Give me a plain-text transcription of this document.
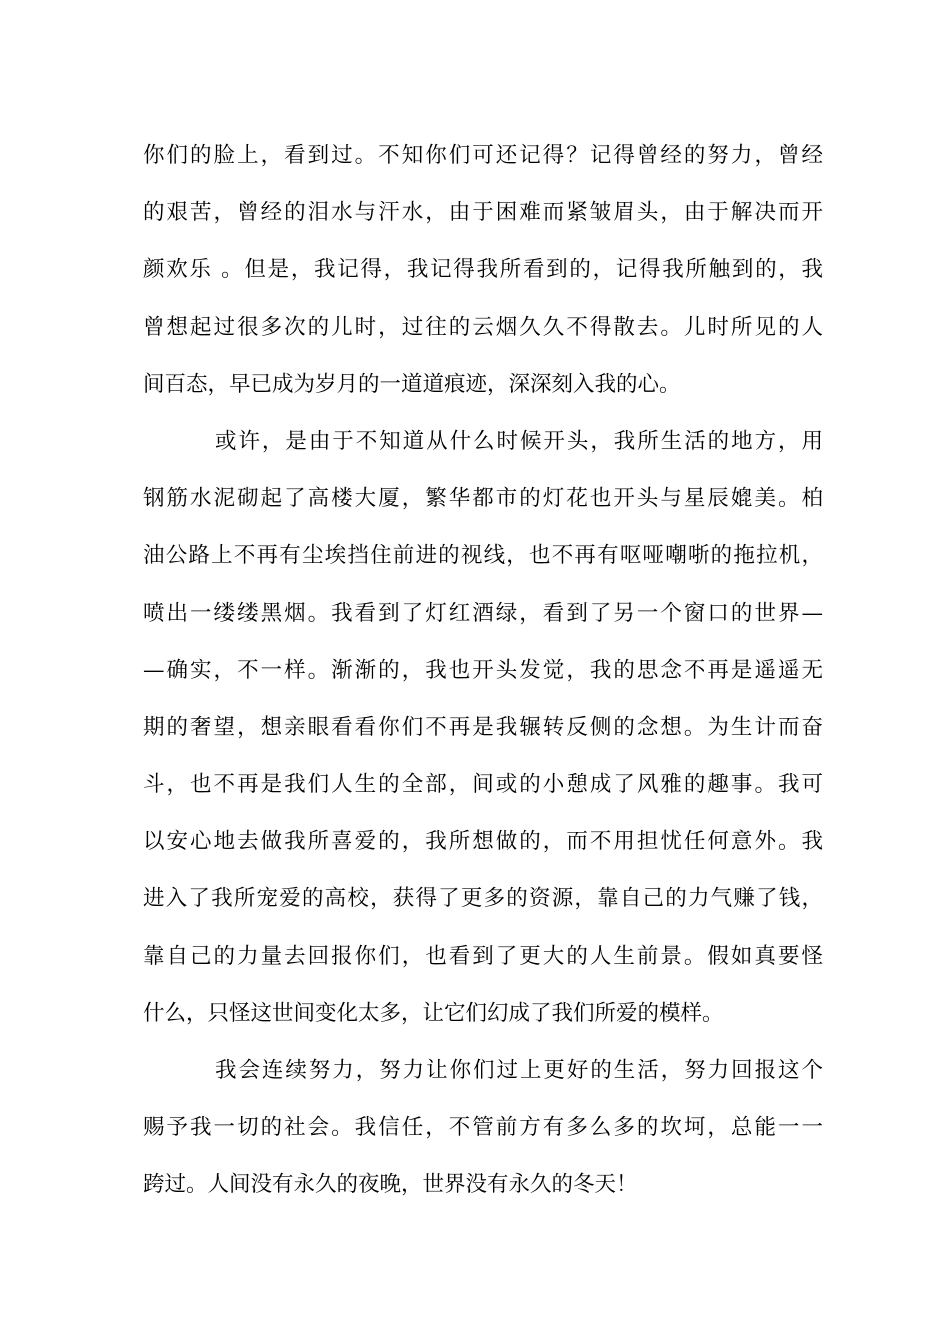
你们的脸上，看到过。不知你们可还记得？记得曾经的努力，曾经
的艰苦，曾经的泪水与汗水，由于困难而紧皱眉头，由于解决而开
颜欢乐 。但是，我记得，我记得我所看到的，记得我所触到的，我
曾想起过很多次的儿时，过往的云烟久久不得散去。儿时所见的人
间百态，早已成为岁月的一道道痕迹，深深刻入我的心。
或许，是由于不知道从什么时候开头，我所生活的地方，用
钢筋水泥砌起了高楼大厦，繁华都市的灯花也开头与星辰媲美。柏
油公路上不再有尘埃挡住前进的视线，也不再有呕哑嘲哳的拖拉机，
喷出一缕缕黑烟。我看到了灯红酒绿，看到了另一个窗口的世界—
—确实，不一样。渐渐的，我也开头发觉，我的思念不再是遥遥无
期的奢望，想亲眼看看你们不再是我辗转反侧的念想。为生计而奋
斗，也不再是我们人生的全部，间或的小憩成了风雅的趣事。我可
以安心地去做我所喜爱的，我所想做的，而不用担忧任何意外。我
进入了我所宠爱的高校，获得了更多的资源，靠自己的力气赚了钱，
靠自己的力量去回报你们，也看到了更大的人生前景。假如真要怪
什么，只怪这世间变化太多，让它们幻成了我们所爱的模样。
我会连续努力，努力让你们过上更好的生活，努力回报这个
赐予我一切的社会。我信任，不管前方有多么多的坎坷，总能一一
跨过。人间没有永久的夜晚，世界没有永久的冬天！
